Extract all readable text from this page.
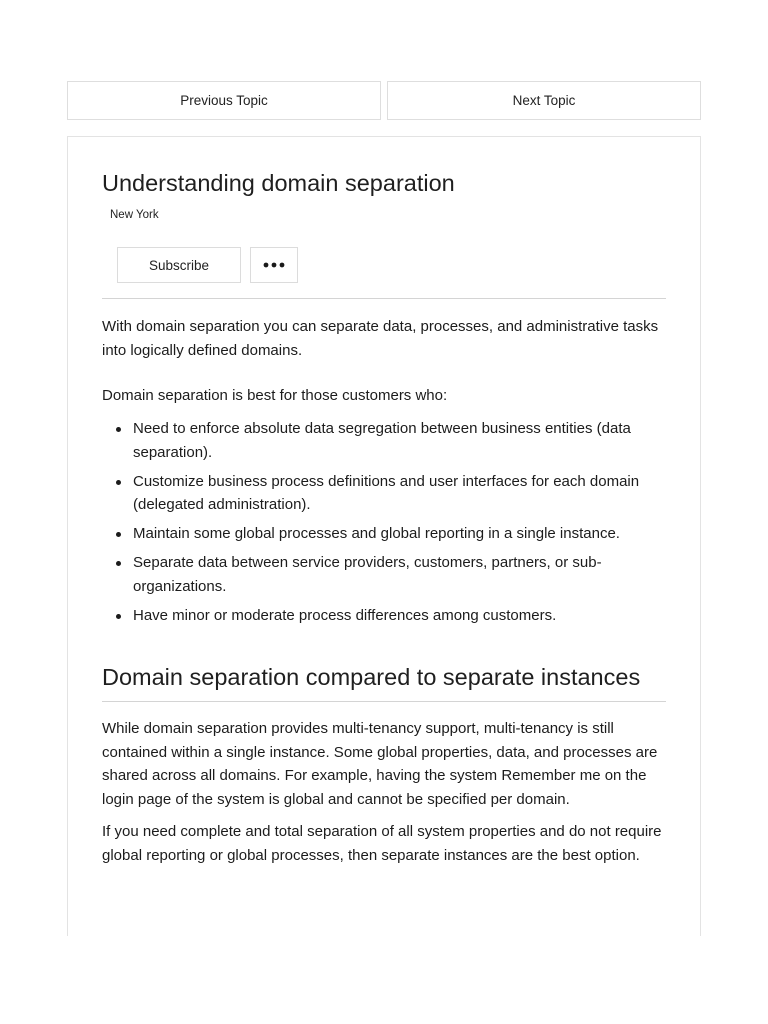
Previous Topic	Next Topic
Understanding domain separation
New York
Subscribe

With domain separation you can separate data, processes, and administrative tasks into logically defined domains.

Domain separation is best for those customers who:

Need to enforce absolute data segregation between business entities (data separation).
Customize business process definitions and user interfaces for each domain (delegated administration).
Maintain some global processes and global reporting in a single instance.
Separate data between service providers, customers, partners, or sub-organizations.
Have minor or moderate process differences among customers.
Domain separation compared to separate instances

While domain separation provides multi-tenancy support, multi-tenancy is still contained within a single instance. Some global properties, data, and processes are shared across all domains. For example, having the system Remember me on the login page of the system is global and cannot be specified per domain.

If you need complete and total separation of all system properties and do not require global reporting or global processes, then separate instances are the best option.
